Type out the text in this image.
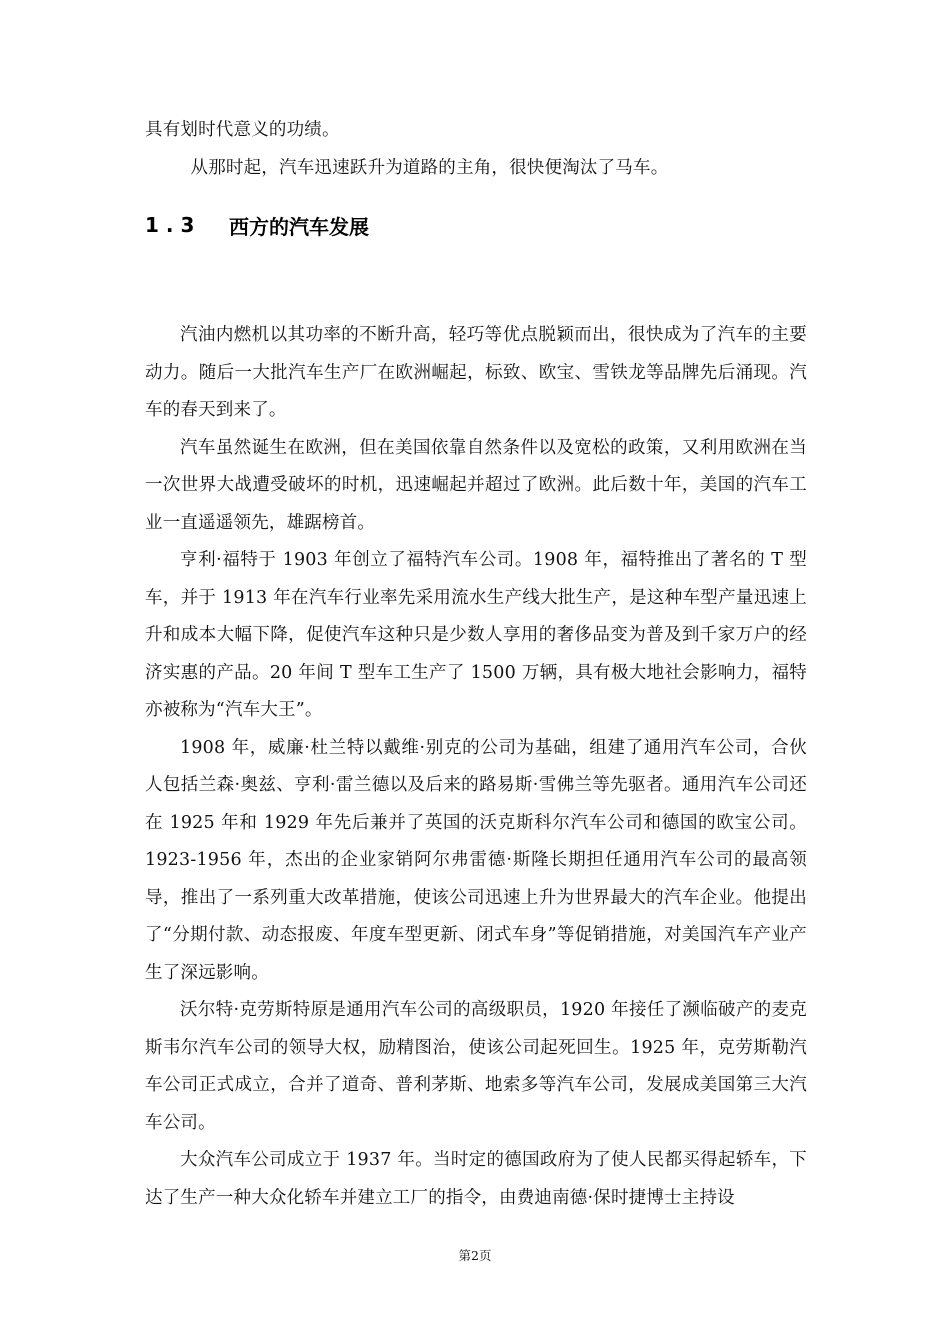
具有划时代意义的功绩。

从那时起，汽车迅速跃升为道路的主角，很快便淘汰了马车。

1.3	西方的汽车发展

汽油内燃机以其功率的不断升高，轻巧等优点脱颖而出，很快成为了汽车的主要动力。随后一大批汽车生产厂在欧洲崛起，标致、欧宝、雪铁龙等品牌先后涌现。汽车的春天到来了。

汽车虽然诞生在欧洲，但在美国依靠自然条件以及宽松的政策，又利用欧洲在当一次世界大战遭受破坏的时机，迅速崛起并超过了欧洲。此后数十年，美国的汽车工业一直遥遥领先，雄踞榜首。

亨利·福特于 1903 年创立了福特汽车公司。1908 年，福特推出了著名的 T 型车，并于 1913 年在汽车行业率先采用流水生产线大批生产，是这种车型产量迅速上升和成本大幅下降，促使汽车这种只是少数人享用的奢侈品变为普及到千家万户的经济实惠的产品。20 年间 T 型车工生产了 1500 万辆，具有极大地社会影响力，福特亦被称为“汽车大王”。

1908 年，威廉·杜兰特以戴维·别克的公司为基础，组建了通用汽车公司，合伙人包括兰森·奥兹、亨利·雷兰德以及后来的路易斯·雪佛兰等先驱者。通用汽车公司还在 1925 年和 1929 年先后兼并了英国的沃克斯科尔汽车公司和德国的欧宝公司。1923-1956 年，杰出的企业家销阿尔弗雷德·斯隆长期担任通用汽车公司的最高领导，推出了一系列重大改革措施，使该公司迅速上升为世界最大的汽车企业。他提出了“分期付款、动态报废、年度车型更新、闭式车身”等促销措施，对美国汽车产业产生了深远影响。

沃尔特·克劳斯特原是通用汽车公司的高级职员，1920 年接任了濒临破产的麦克斯韦尔汽车公司的领导大权，励精图治，使该公司起死回生。1925 年，克劳斯勒汽车公司正式成立，合并了道奇、普利茅斯、地索多等汽车公司，发展成美国第三大汽车公司。

大众汽车公司成立于 1937 年。当时定的德国政府为了使人民都买得起轿车，下达了生产一种大众化轿车并建立工厂的指令，由费迪南德·保时捷博士主持设

第2页
